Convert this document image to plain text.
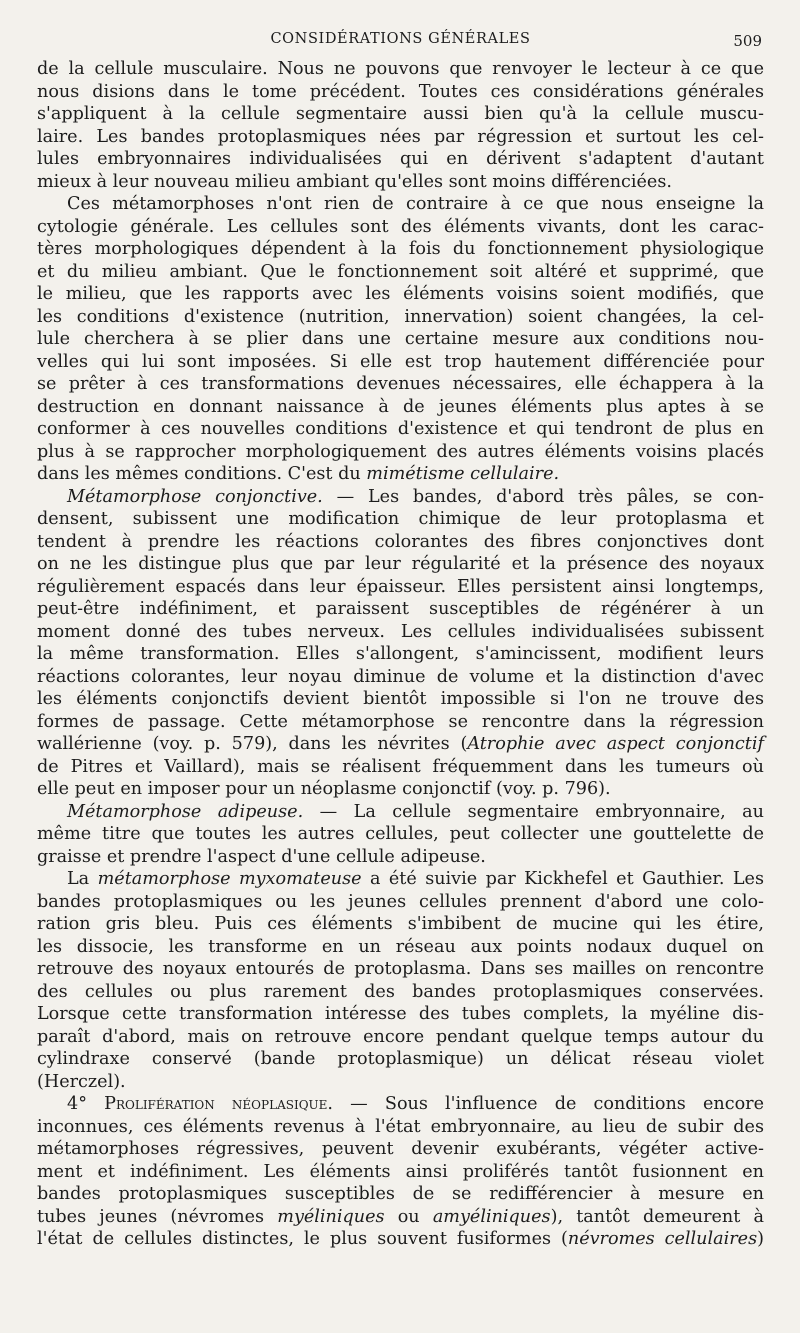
CONSIDÉRATIONS GÉNÉRALES	509
de la cellule musculaire. Nous ne pouvons que renvoyer le lecteur à ce que
nous disions dans le tome précédent. Toutes ces considérations générales
s'appliquent à la cellule segmentaire aussi bien qu'à la cellule muscu-
laire. Les bandes protoplasmiques nées par régression et surtout les cel-
lules embryonnaires individualisées qui en dérivent s'adaptent d'autant
mieux à leur nouveau milieu ambiant qu'elles sont moins différenciées.
Ces métamorphoses n'ont rien de contraire à ce que nous enseigne la
cytologie générale. Les cellules sont des éléments vivants, dont les carac-
tères morphologiques dépendent à la fois du fonctionnement physiologique
et du milieu ambiant. Que le fonctionnement soit altéré et supprimé, que
le milieu, que les rapports avec les éléments voisins soient modifiés, que
les conditions d'existence (nutrition, innervation) soient changées, la cel-
lule cherchera à se plier dans une certaine mesure aux conditions nou-
velles qui lui sont imposées. Si elle est trop hautement différenciée pour
se prêter à ces transformations devenues nécessaires, elle échappera à la
destruction en donnant naissance à de jeunes éléments plus aptes à se
conformer à ces nouvelles conditions d'existence et qui tendront de plus en
plus à se rapprocher morphologiquement des autres éléments voisins placés
dans les mêmes conditions. C'est du mimétisme cellulaire.
Métamorphose conjonctive. — Les bandes, d'abord très pâles, se con-
densent, subissent une modification chimique de leur protoplasma et
tendent à prendre les réactions colorantes des fibres conjonctives dont
on ne les distingue plus que par leur régularité et la présence des noyaux
régulièrement espacés dans leur épaisseur. Elles persistent ainsi longtemps,
peut-être indéfiniment, et paraissent susceptibles de régénérer à un
moment donné des tubes nerveux. Les cellules individualisées subissent
la même transformation. Elles s'allongent, s'amincissent, modifient leurs
réactions colorantes, leur noyau diminue de volume et la distinction d'avec
les éléments conjonctifs devient bientôt impossible si l'on ne trouve des
formes de passage. Cette métamorphose se rencontre dans la régression
wallérienne (voy. p. 579), dans les névrites (Atrophie avec aspect conjonctif
de Pitres et Vaillard), mais se réalisent fréquemment dans les tumeurs où
elle peut en imposer pour un néoplasme conjonctif (voy. p. 796).
Métamorphose adipeuse. — La cellule segmentaire embryonnaire, au
même titre que toutes les autres cellules, peut collecter une gouttelette de
graisse et prendre l'aspect d'une cellule adipeuse.
La métamorphose myxomateuse a été suivie par Kickhefel et Gauthier. Les
bandes protoplasmiques ou les jeunes cellules prennent d'abord une colo-
ration gris bleu. Puis ces éléments s'imbibent de mucine qui les étire,
les dissocie, les transforme en un réseau aux points nodaux duquel on
retrouve des noyaux entourés de protoplasma. Dans ses mailles on rencontre
des cellules ou plus rarement des bandes protoplasmiques conservées.
Lorsque cette transformation intéresse des tubes complets, la myéline dis-
paraît d'abord, mais on retrouve encore pendant quelque temps autour du
cylindraxe conservé (bande protoplasmique) un délicat réseau violet
(Herczel).
4° Prolifération néoplasique. — Sous l'influence de conditions encore
inconnues, ces éléments revenus à l'état embryonnaire, au lieu de subir des
métamorphoses régressives, peuvent devenir exubérants, végéter active-
ment et indéfiniment. Les éléments ainsi proliférés tantôt fusionnent en
bandes protoplasmiques susceptibles de se redifférencier à mesure en
tubes jeunes (névromes myéliniques ou amyéliniques), tantôt demeurent à
l'état de cellules distinctes, le plus souvent fusiformes (névromes cellulaires)
